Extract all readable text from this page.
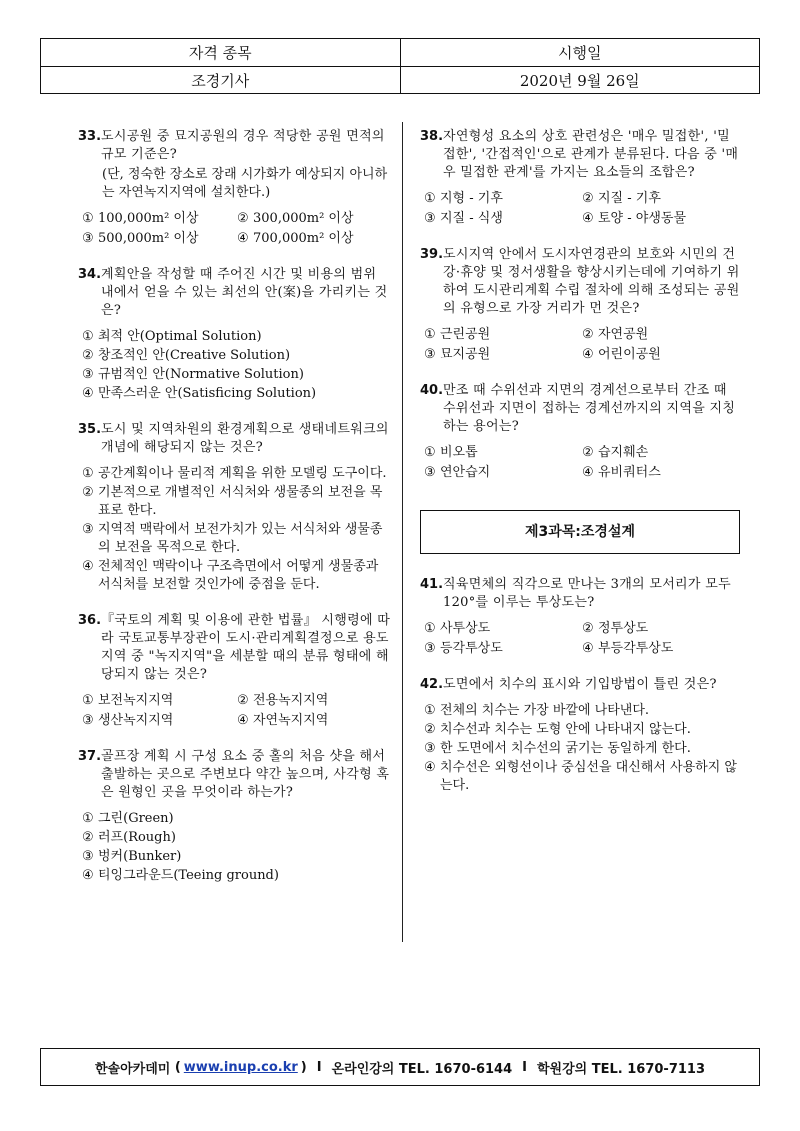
자격 종목	시행일
조경기사	2020년 9월 26일
33. 도시공원 중 묘지공원의 경우 적당한 공원 면적의 규모 기준은?
(단, 정숙한 장소로 장래 시가화가 예상되지 아니하는 자연녹지지역에 설치한다.)
① 100,000m² 이상	② 300,000m² 이상
③ 500,000m² 이상	④ 700,000m² 이상
34. 계획안을 작성할 때 주어진 시간 및 비용의 범위 내에서 얻을 수 있는 최선의 안(案)을 가리키는 것은?
① 최적 안(Optimal Solution)
② 창조적인 안(Creative Solution)
③ 규범적인 안(Normative Solution)
④ 만족스러운 안(Satisficing Solution)
35. 도시 및 지역차원의 환경계획으로 생태네트워크의 개념에 해당되지 않는 것은?
① 공간계획이나 물리적 계획을 위한 모델링 도구이다.
② 기본적으로 개별적인 서식처와 생물종의 보전을 목표로 한다.
③ 지역적 맥락에서 보전가치가 있는 서식처와 생물종의 보전을 목적으로 한다.
④ 전체적인 맥락이나 구조측면에서 어떻게 생물종과 서식처를 보전할 것인가에 중점을 둔다.
36. 『국토의 계획 및 이용에 관한 법률』 시행령에 따라 국토교통부장관이 도시·관리계획결정으로 용도지역 중 "녹지지역"을 세분할 때의 분류 형태에 해당되지 않는 것은?
① 보전녹지지역	② 전용녹지지역
③ 생산녹지지역	④ 자연녹지지역
37. 골프장 계획 시 구성 요소 중 홀의 처음 샷을 해서 출발하는 곳으로 주변보다 약간 높으며, 사각형 혹은 원형인 곳을 무엇이라 하는가?
① 그린(Green)
② 러프(Rough)
③ 벙커(Bunker)
④ 티잉그라운드(Teeing ground)
38. 자연형성 요소의 상호 관련성은 '매우 밀접한', '밀접한', '간접적인'으로 관계가 분류된다. 다음 중 '매우 밀접한 관계'를 가지는 요소들의 조합은?
① 지형 - 기후	② 지질 - 기후
③ 지질 - 식생	④ 토양 - 야생동물
39. 도시지역 안에서 도시자연경관의 보호와 시민의 건강·휴양 및 정서생활을 향상시키는데에 기여하기 위하여 도시관리계획 수립 절차에 의해 조성되는 공원의 유형으로 가장 거리가 먼 것은?
① 근린공원	② 자연공원
③ 묘지공원	④ 어린이공원
40. 만조 때 수위선과 지면의 경계선으로부터 간조 때 수위선과 지면이 접하는 경계선까지의 지역을 지칭하는 용어는?
① 비오톱	② 습지훼손
③ 연안습지	④ 유비쿼터스
제3과목:조경설계
41. 직육면체의 직각으로 만나는 3개의 모서리가 모두 120°를 이루는 투상도는?
① 사투상도	② 정투상도
③ 등각투상도	④ 부등각투상도
42. 도면에서 치수의 표시와 기입방법이 틀린 것은?
① 전체의 치수는 가장 바깥에 나타낸다.
② 치수선과 치수는 도형 안에 나타내지 않는다.
③ 한 도면에서 치수선의 굵기는 동일하게 한다.
④ 치수선은 외형선이나 중심선을 대신해서 사용하지 않는다.
한솔아카데미 ( www.inup.co.kr ) I 온라인강의 TEL. 1670-6144 I 학원강의 TEL. 1670-7113
